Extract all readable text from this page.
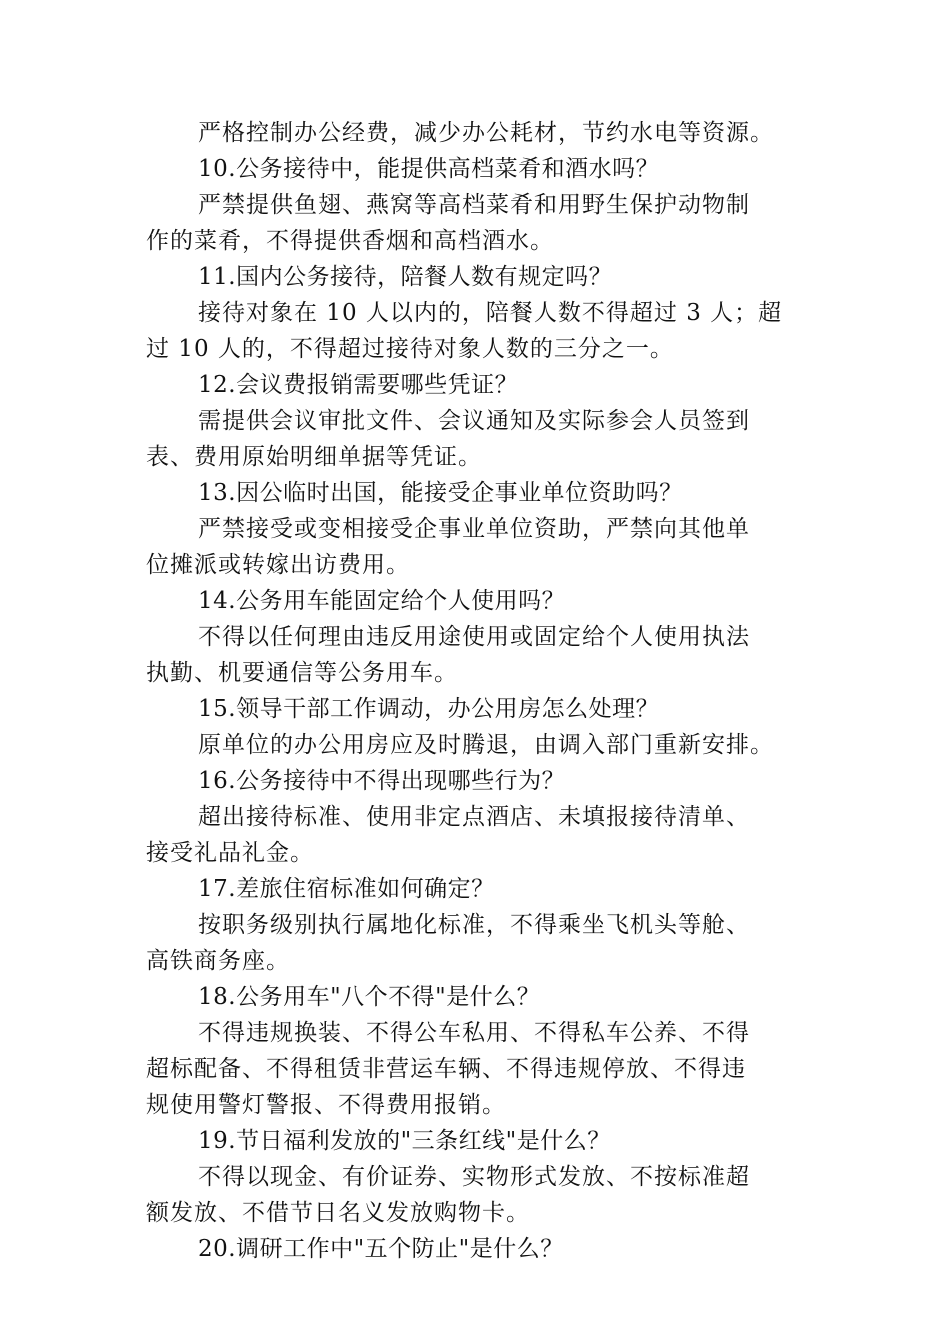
严格控制办公经费，减少办公耗材，节约水电等资源。
10.公务接待中，能提供高档菜肴和酒水吗？
严禁提供鱼翅、燕窝等高档菜肴和用野生保护动物制
作的菜肴，不得提供香烟和高档酒水。
11.国内公务接待，陪餐人数有规定吗？
接待对象在 10 人以内的，陪餐人数不得超过 3 人；超
过 10 人的，不得超过接待对象人数的三分之一。
12.会议费报销需要哪些凭证？
需提供会议审批文件、会议通知及实际参会人员签到
表、费用原始明细单据等凭证。
13.因公临时出国，能接受企事业单位资助吗？
严禁接受或变相接受企事业单位资助，严禁向其他单
位摊派或转嫁出访费用。
14.公务用车能固定给个人使用吗？
不得以任何理由违反用途使用或固定给个人使用执法
执勤、机要通信等公务用车。
15.领导干部工作调动，办公用房怎么处理？
原单位的办公用房应及时腾退，由调入部门重新安排。
16.公务接待中不得出现哪些行为？
超出接待标准、使用非定点酒店、未填报接待清单、
接受礼品礼金。
17.差旅住宿标准如何确定？
按职务级别执行属地化标准，不得乘坐飞机头等舱、
高铁商务座。
18.公务用车"八个不得"是什么？
不得违规换装、不得公车私用、不得私车公养、不得
超标配备、不得租赁非营运车辆、不得违规停放、不得违
规使用警灯警报、不得费用报销。
19.节日福利发放的"三条红线"是什么？
不得以现金、有价证券、实物形式发放、不按标准超
额发放、不借节日名义发放购物卡。
20.调研工作中"五个防止"是什么？
